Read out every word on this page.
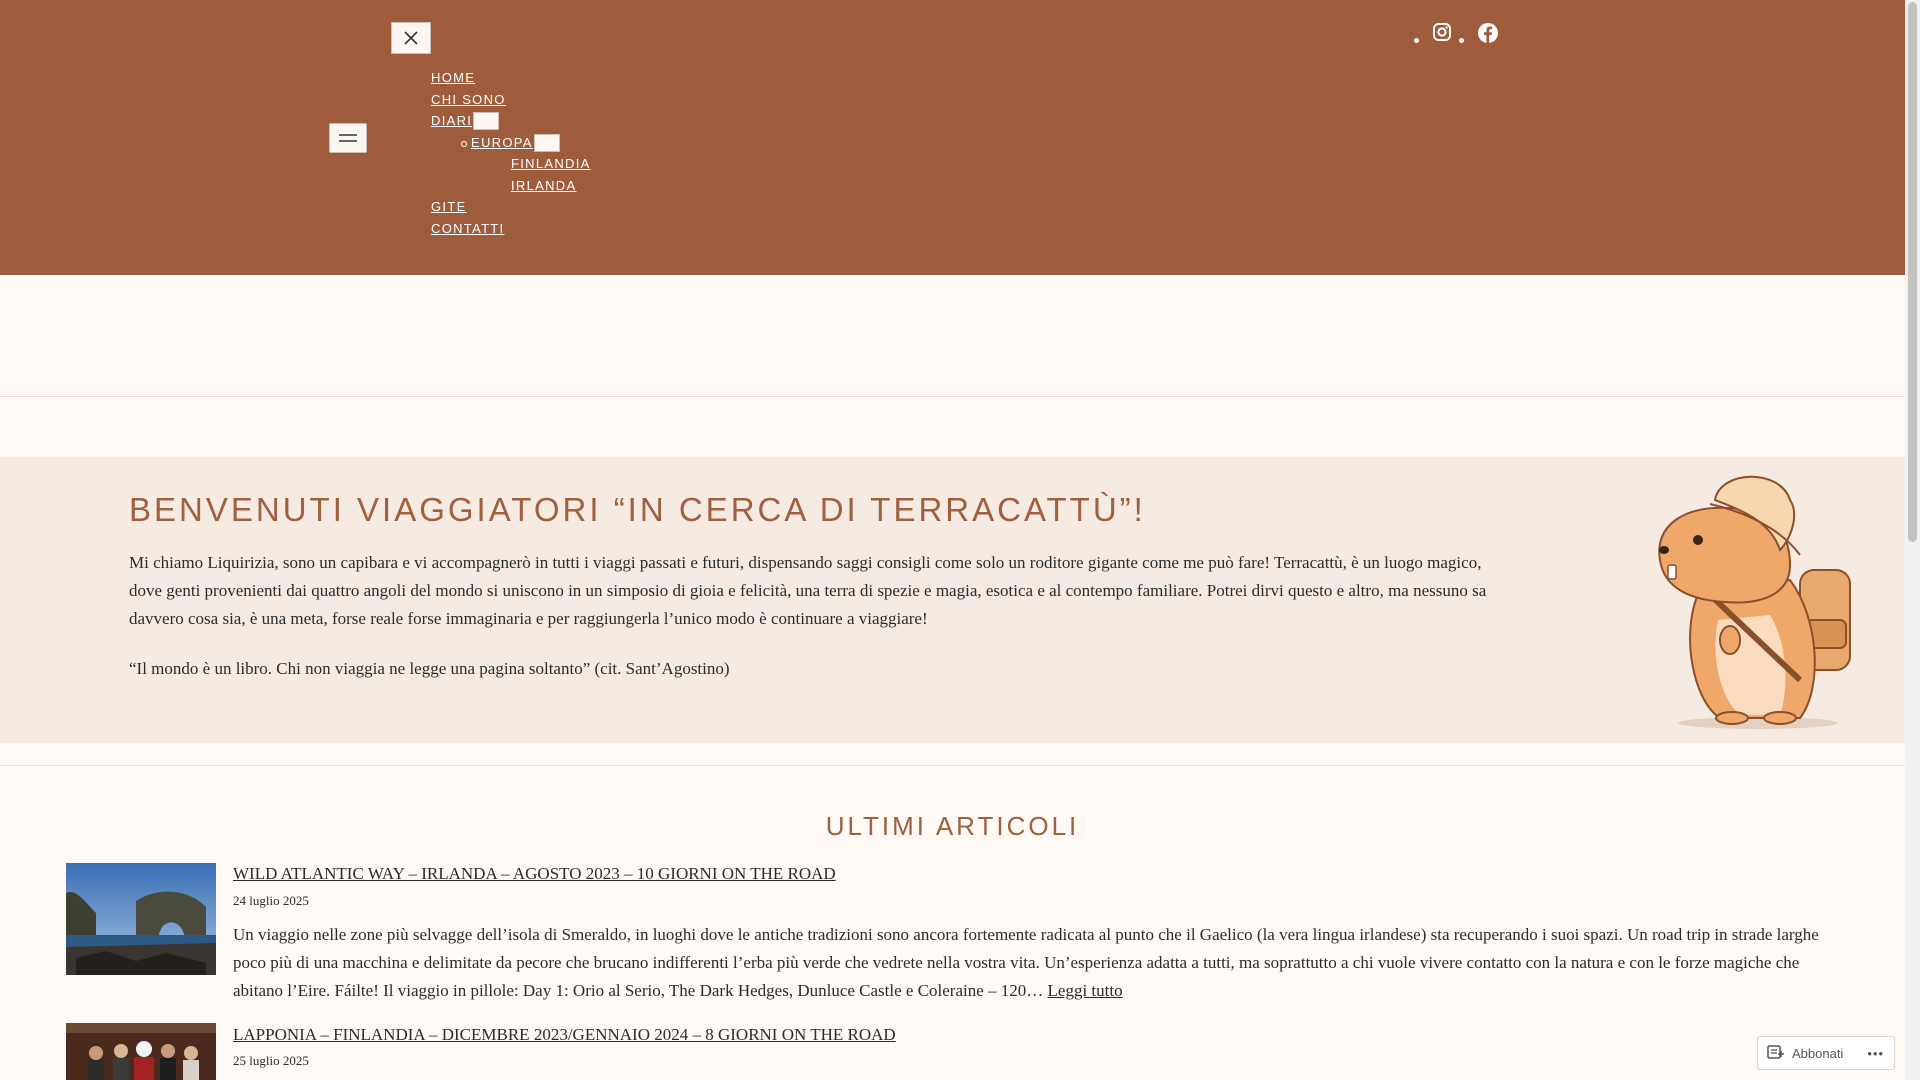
HOME
CHI SONO
DIARI
EUROPA
FINLANDIA
IRLANDA
GITE
CONTATTI
BENVENUTI VIAGGIATORI “IN CERCA DI TERRACATTÙ”!

Mi chiamo Liquirizia, sono un capibara e vi accompagnerò in tutti i viaggi passati e futuri, dispensando saggi consigli come solo un roditore gigante come me può fare! Terracattù, è un luogo magico, dove genti provenienti dai quattro angoli del mondo si uniscono in un simposio di gioia e felicità, una terra di spezie e magia, esotica e al contempo familiare. Potrei dirvi questo e altro, ma nessuno sa davvero cosa sia, è una meta, forse reale forse immaginaria e per raggiungerla l’unico modo è continuare a viaggiare!

“Il mondo è un libro. Chi non viaggia ne legge una pagina soltanto” (cit. Sant’Agostino)

ULTIMI ARTICOLI
WILD ATLANTIC WAY – IRLANDA – AGOSTO 2023 – 10 GIORNI ON THE ROAD
24 luglio 2025

Un viaggio nelle zone più selvagge dell’isola di Smeraldo, in luoghi dove le antiche tradizioni sono ancora fortemente radicata al punto che il Gaelico (la vera lingua irlandese) sta recuperando i suoi spazi. Un road trip in strade larghe poco più di una macchina e delimitate da pecore che brucano indifferenti l’erba più verde che vedrete nella vostra vita. Un’esperienza adatta a tutti, ma soprattutto a chi vuole vivere contatto con la natura e con le forze magiche che abitano l’Eire. Fáilte! Il viaggio in pillole: Day 1: Orio al Serio, The Dark Hedges, Dunluce Castle e Coleraine – 120… Leggi tutto

LAPPONIA – FINLANDIA – DICEMBRE 2023/GENNAIO 2024 – 8 GIORNI ON THE ROAD
25 luglio 2025	Abbonati •••
